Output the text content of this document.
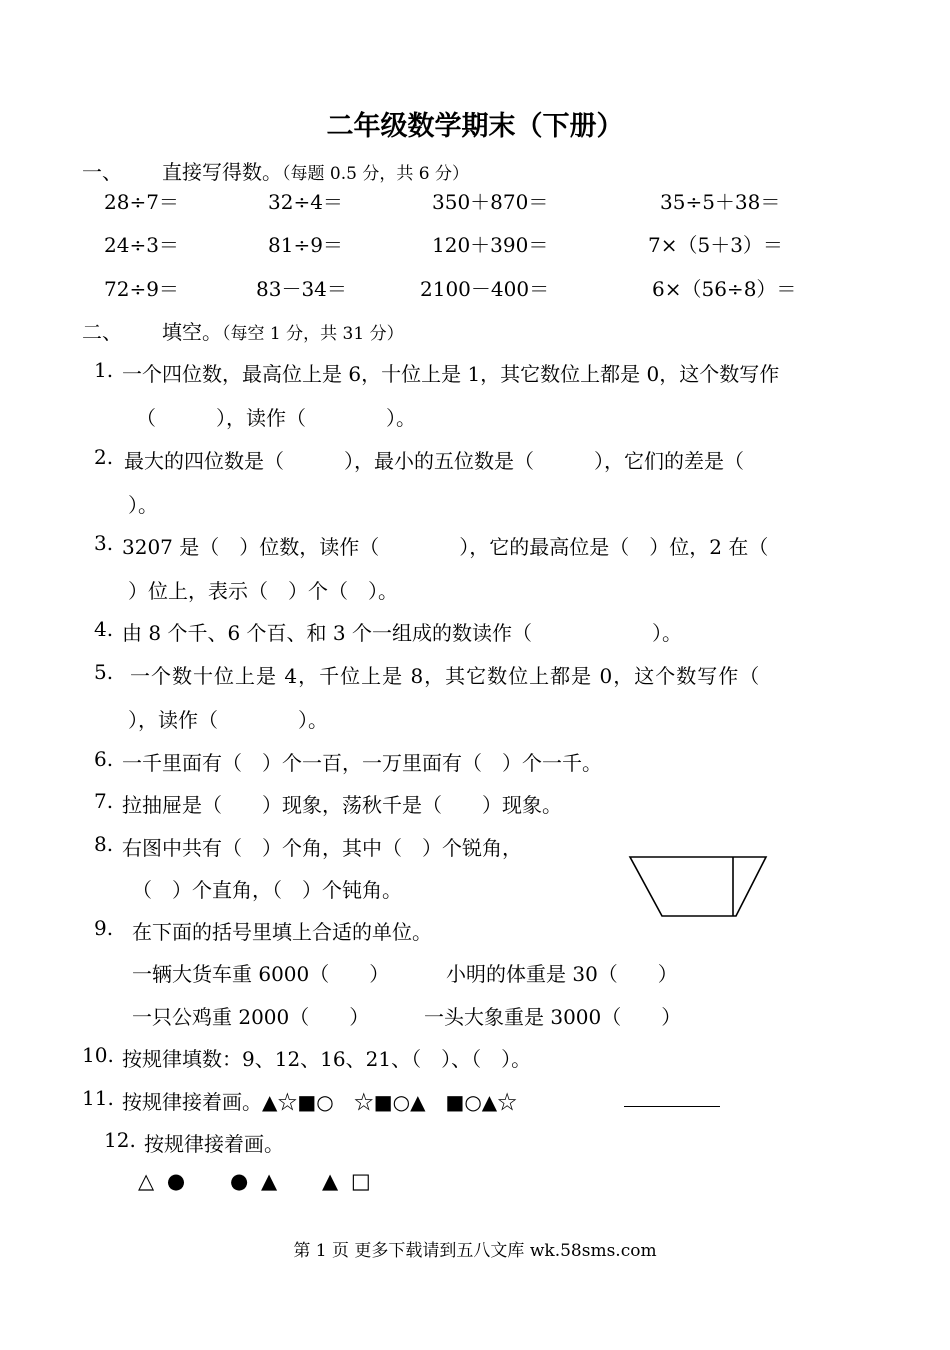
二年级数学期末（下册）
一、 直接写得数。（每题 0.5 分，共 6 分）
28÷7＝	32÷4＝	350＋870＝	35÷5＋38＝
24÷3＝	81÷9＝	120＋390＝	7×（5＋3）＝
72÷9＝	83－34＝	2100－400＝	6×（56÷8）＝
二、 填空。（每空 1 分，共 31 分）
1. 一个四位数，最高位上是 6，十位上是 1，其它数位上都是 0，这个数写作
（　　　），读作（　　　　）。
2. 最大的四位数是（　　　），最小的五位数是（　　　），它们的差是（
）。
3. 3207 是（　）位数，读作（　　　　），它的最高位是（　）位，2 在（
）位上，表示（　）个（　）。
4. 由 8 个千、6 个百、和 3 个一组成的数读作（　　　　　　）。
5. 一个数十位上是 4，千位上是 8，其它数位上都是 0，这个数写作（
），读作（　　　　）。
6. 一千里面有（　）个一百，一万里面有（　）个一千。
7. 拉抽屉是（　　）现象，荡秋千是（　　）现象。
8. 右图中共有（　）个角，其中（　）个锐角，
（　）个直角，（　）个钝角。
9. 在下面的括号里填上合适的单位。
一辆大货车重 6000（　　）	小明的体重是 30（　　）
一只公鸡重 2000（　　）	一头大象重是 3000（　　）
10. 按规律填数：9、12、16、21、（　）、（　）。
11. 按规律接着画。▲☆■○　☆■○▲　■○▲☆
12. 按规律接着画。
△ ● ● ▲ ▲ □
第 1 页 更多下载请到五八文库 wk.58sms.com
